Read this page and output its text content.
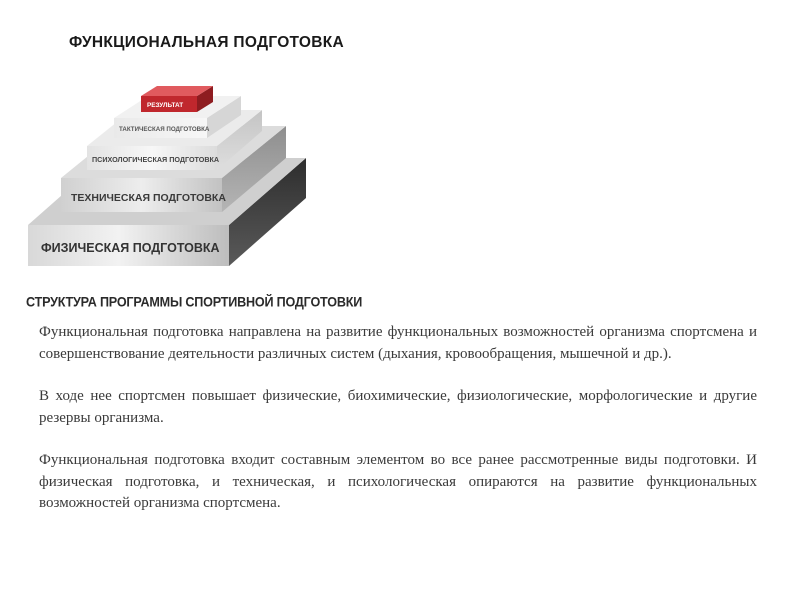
ФУНКЦИОНАЛЬНАЯ ПОДГОТОВКА
ФИЗИЧЕСКАЯ ПОДГОТОВКА
ТЕХНИЧЕСКАЯ ПОДГОТОВКА
ПСИХОЛОГИЧЕСКАЯ ПОДГОТОВКА
ТАКТИЧЕСКАЯ ПОДГОТОВКА
РЕЗУЛЬТАТ
СТРУКТУРА ПРОГРАММЫ СПОРТИВНОЙ ПОДГОТОВКИ

Функциональная подготовка направлена на развитие функциональных возможностей организма спортсмена и совершенствование деятельности различных систем (дыхания, кровообращения, мышечной и др.).

В ходе нее спортсмен повышает физические, биохимические, физиологические, морфологические и другие резервы организма.

Функциональная подготовка входит составным элементом во все ранее рассмотренные виды подготовки. И физическая подготовка, и техническая, и психологическая опираются на развитие функциональных возможностей организма спортсмена.
